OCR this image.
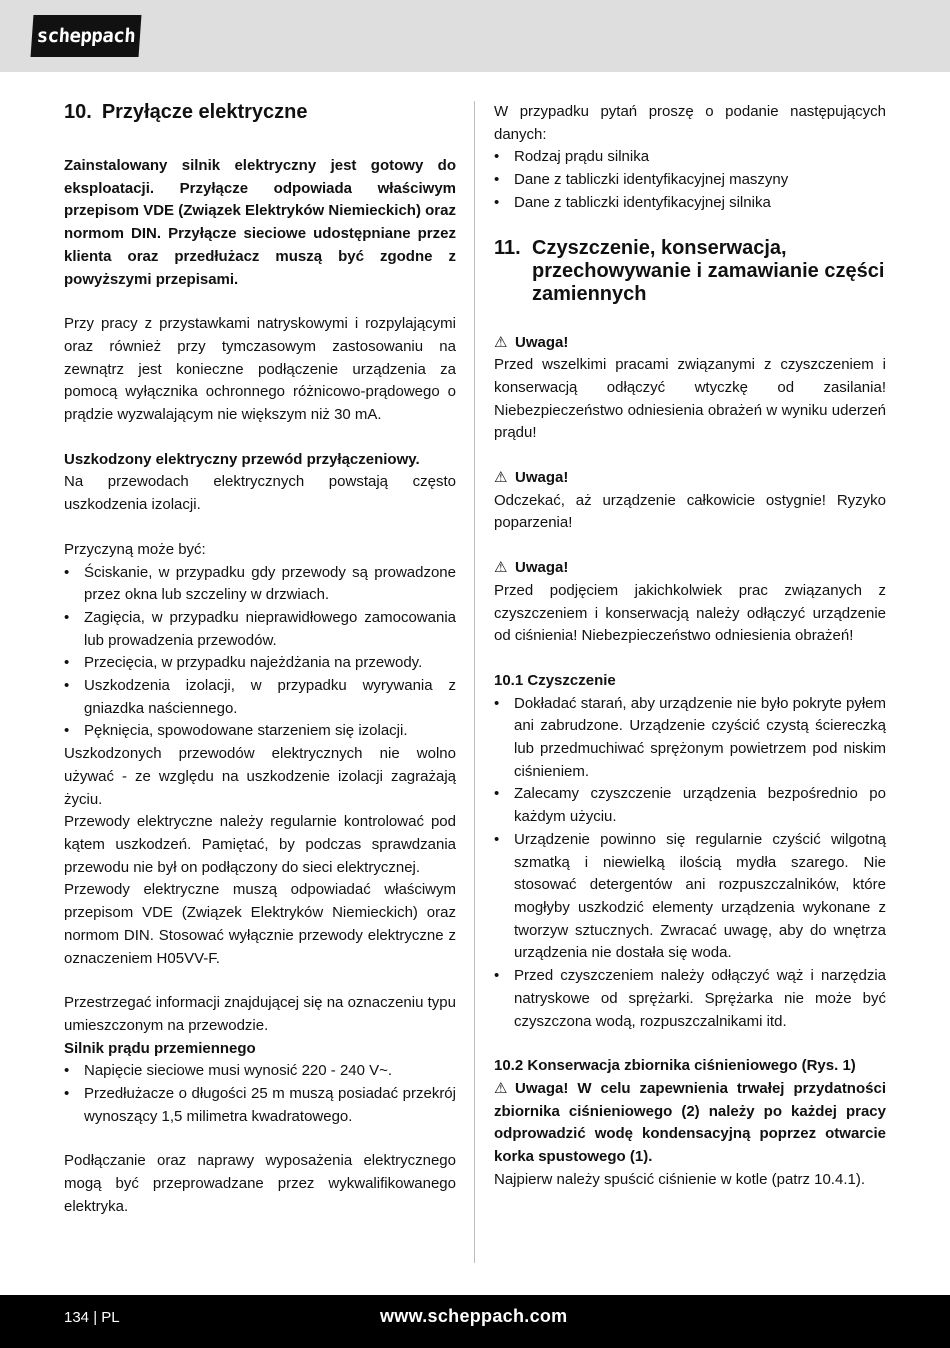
scheppach
10. Przyłącze elektryczne

Zainstalowany silnik elektryczny jest gotowy do eksploatacji. Przyłącze odpowiada właściwym przepisom VDE (Związek Elektryków Niemieckich) oraz normom DIN. Przyłącze sieciowe udostępniane przez klienta oraz przedłużacz muszą być zgodne z powyższymi przepisami.

Przy pracy z przystawkami natryskowymi i rozpylającymi oraz również przy tymczasowym zastosowaniu na zewnątrz jest konieczne podłączenie urządzenia za pomocą wyłącznika ochronnego różnicowo-prądowego o prądzie wyzwalającym nie większym niż 30 mA.

Uszkodzony elektryczny przewód przyłączeniowy.

Na przewodach elektrycznych powstają często uszkodzenia izolacji.

Przyczyną może być:

• Ściskanie, w przypadku gdy przewody są prowadzone przez okna lub szczeliny w drzwiach.
• Zagięcia, w przypadku nieprawidłowego zamocowania lub prowadzenia przewodów.
• Przecięcia, w przypadku najeżdżania na przewody.
• Uszkodzenia izolacji, w przypadku wyrywania z gniazdka naściennego.
• Pęknięcia, spowodowane starzeniem się izolacji.

Uszkodzonych przewodów elektrycznych nie wolno używać - ze względu na uszkodzenie izolacji zagrażają życiu.

Przewody elektryczne należy regularnie kontrolować pod kątem uszkodzeń. Pamiętać, by podczas sprawdzania przewodu nie był on podłączony do sieci elektrycznej.

Przewody elektryczne muszą odpowiadać właściwym przepisom VDE (Związek Elektryków Niemieckich) oraz normom DIN. Stosować wyłącznie przewody elektryczne z oznaczeniem H05VV-F.

Przestrzegać informacji znajdującej się na oznaczeniu typu umieszczonym na przewodzie.

Silnik prądu przemiennego

• Napięcie sieciowe musi wynosić 220 - 240 V~.
• Przedłużacze o długości 25 m muszą posiadać przekrój wynoszący 1,5 milimetra kwadratowego.

Podłączanie oraz naprawy wyposażenia elektrycznego mogą być przeprowadzane przez wykwalifikowanego elektryka.

W przypadku pytań proszę o podanie następujących danych:

• Rodzaj prądu silnika
• Dane z tabliczki identyfikacyjnej maszyny
• Dane z tabliczki identyfikacyjnej silnika
11. Czyszczenie, konserwacja, przechowywanie i zamawianie części zamiennych
⚠ Uwaga!

Przed wszelkimi pracami związanymi z czyszczeniem i konserwacją odłączyć wtyczkę od zasilania! Niebezpieczeństwo odniesienia obrażeń w wyniku uderzeń prądu!

⚠ Uwaga!

Odczekać, aż urządzenie całkowicie ostygnie! Ryzyko poparzenia!

⚠ Uwaga!

Przed podjęciem jakichkolwiek prac związanych z czyszczeniem i konserwacją należy odłączyć urządzenie od ciśnienia! Niebezpieczeństwo odniesienia obrażeń!

10.1 Czyszczenie

• Dokładać starań, aby urządzenie nie było pokryte pyłem ani zabrudzone. Urządzenie czyścić czystą ściereczką lub przedmuchiwać sprężonym powietrzem pod niskim ciśnieniem.
• Zalecamy czyszczenie urządzenia bezpośrednio po każdym użyciu.
• Urządzenie powinno się regularnie czyścić wilgotną szmatką i niewielką ilością mydła szarego. Nie stosować detergentów ani rozpuszczalników, które mogłyby uszkodzić elementy urządzenia wykonane z tworzyw sztucznych. Zwracać uwagę, aby do wnętrza urządzenia nie dostała się woda.
• Przed czyszczeniem należy odłączyć wąż i narzędzia natryskowe od sprężarki. Sprężarka nie może być czyszczona wodą, rozpuszczalnikami itd.

10.2 Konserwacja zbiornika ciśnieniowego (Rys. 1)

⚠ Uwaga! W celu zapewnienia trwałej przydatności zbiornika ciśnieniowego (2) należy po każdej pracy odprowadzić wodę kondensacyjną poprzez otwarcie korka spustowego (1).

Najpierw należy spuścić ciśnienie w kotle (patrz 10.4.1).

134 | PL	www.scheppach.com
